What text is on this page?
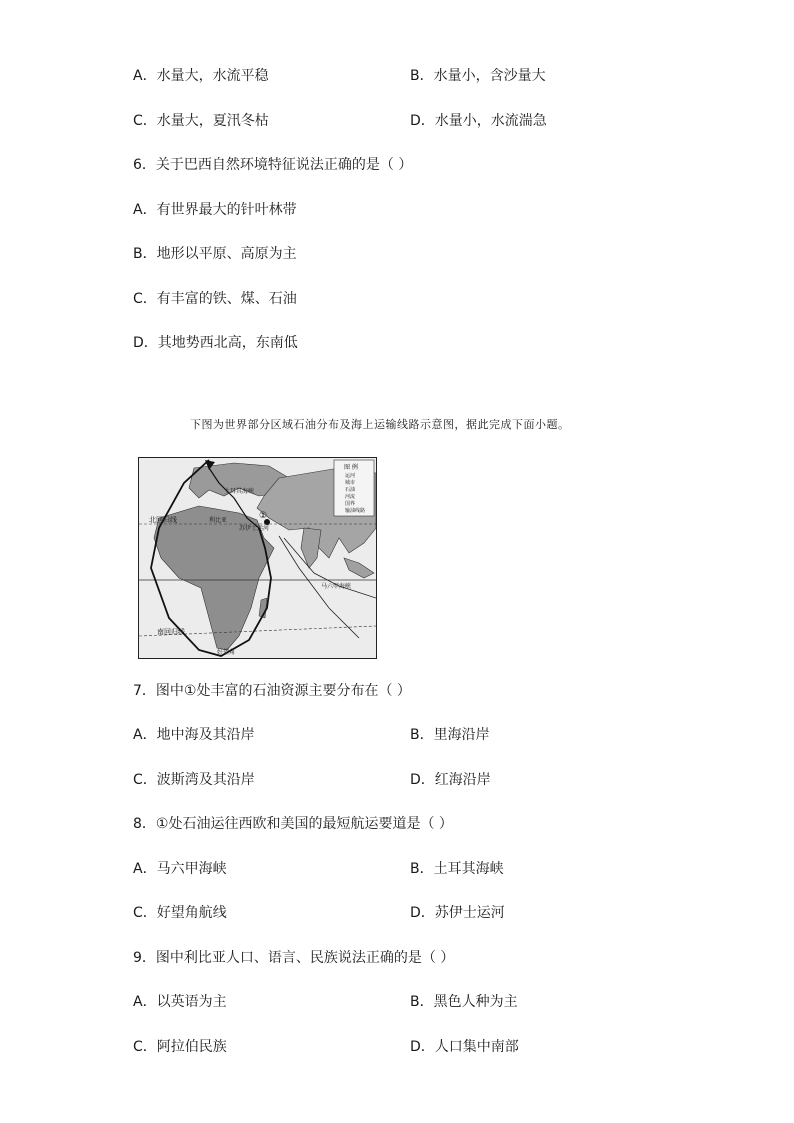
A．水量大，水流平稳	B．水量小，含沙量大
C．水量大，夏汛冬枯	D．水量小，水流湍急
6．关于巴西自然环境特征说法正确的是（ ）
A．有世界最大的针叶林带
B．地形以平原、高原为主
C．有丰富的铁、煤、石油
D．其地势西北高，东南低
下图为世界部分区域石油分布及海上运输线路示意图，据此完成下面小题。
①
土耳其海峡
苏伊士运河
北回归线	利比亚
南回归线
马六甲海峡
好望角
图 例
运河
城市
石油
河流
国界
输油线路
7．图中①处丰富的石油资源主要分布在（ ）
A．地中海及其沿岸	B．里海沿岸
C．波斯湾及其沿岸	D．红海沿岸
8．①处石油运往西欧和美国的最短航运要道是（ ）
A．马六甲海峡	B．土耳其海峡
C．好望角航线	D．苏伊士运河
9．图中利比亚人口、语言、民族说法正确的是（ ）
A．以英语为主	B．黑色人种为主
C．阿拉伯民族	D．人口集中南部
